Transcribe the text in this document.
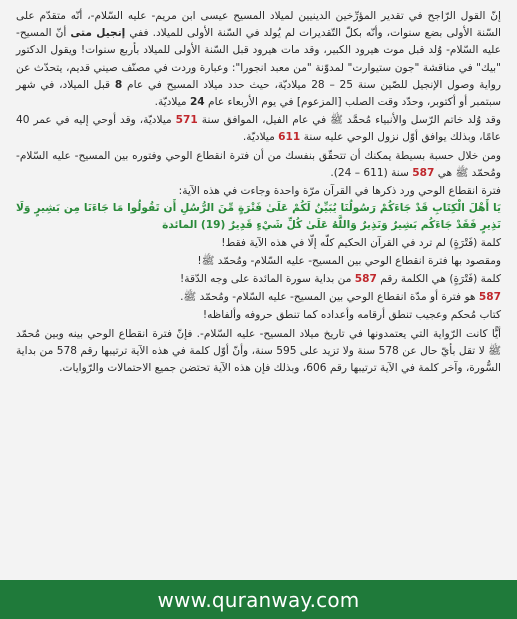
إنّ القول الرّاجح في تقدير المؤرِّخين الدينيين لميلاد المسيح عيسى ابن مريم- عليه السّلام-، أنّه متقدّم على السّنة الأولى بضع سنوات، وأنّه بكلّ التّقديرات لم يُولد في السّنة الأولى للميلاد. ففي إنجيل متى أنّ المسيح- عليه السّلام- وُلد قبل موت هيرود الكبير، وقد مات هيرود قبل السّنة الأولى للميلاد بأربع سنوات! ويقول الدكتور "بيك" في مناقشة "جون ستيوارت" لمدوّنة "من معبد انجورا": وعبارة وردت في مصنّف صيني قديم، يتحدّث عن رواية وصول الإنجيل للصّين سنة 25 – 28 ميلاديّة، حيث حدد ميلاد المسيح في عام 8 قبل الميلاد، في شهر سبتمبر أو أكتوبر، وحدّد وقت الصلب [المزعوم] في يوم الأربعاء عام 24 ميلاديّة.

وقد وُلد خاتم الرّسل والأنبياء مُحمَّد ﷺ في عام الفيل، الموافق سنة 571 ميلاديّة، وقد أوحي إليه في عمر 40 عامًا، وبذلك يوافق أوّل نزول الوحي عليه سنة 611 ميلاديّة.

ومن خلال حسبة بسيطة يمكنك أن تتحقّق بنفسك من أن فترة انقطاع الوحي وفتوره بين المسيح- عليه السّلام- ومُحمّد ﷺ هي 587 سنة (611 – 24).

فترة انقطاع الوحي ورد ذكرها في القرآن مرّة واحدة وجاءت في هذه الآية:

يَا أَهْلَ الْكِتَابِ قَدْ جَاءَكُمْ رَسُولُنَا يُبَيِّنُ لَكُمْ عَلَىٰ فَتْرَةٍ مِّنَ الرُّسُلِ أَن تَقُولُوا مَا جَاءَنَا مِن بَشِيرٍ وَلَا نَذِيرٍ فَقَدْ جَاءَكُم بَشِيرٌ وَنَذِيرٌ وَاللَّهُ عَلَىٰ كُلِّ شَيْءٍ قَدِيرٌ (19) المائدة

كلمة (فَتْرَةٍ) لم ترد في القرآن الحكيم كلّه إلّا في هذه الآية فقط!

ومقصود بها فترة انقطاع الوحي بين المسيح- عليه السّلام- ومُحمّد ﷺ!

كلمة (فَتْرَةٍ) هي الكلمة رقم 587 من بداية سورة المائدة على وجه الدّقة!

587 هو فترة أو مدّة انقطاع الوحي بين المسيح- عليه السّلام- ومُحمّد ﷺ.

كتاب مُحكم وعجيب تنطق أرقامه وأعداده كما تنطق حروفه وألفاظه!

أيًّا كانت الرّواية التي يعتمدونها في تاريخ ميلاد المسيح- عليه السّلام-. فإنّ فترة انقطاع الوحي بينه وبين مُحمّد ﷺ لا تقل بأيّ حال عن 578 سنة ولا تزيد على 595 سنة، وأنّ أوّل كلمة في هذه الآية ترتيبها رقم 578 من بداية السُّورة، وآخر كلمة في الآية ترتيبها رقم 606، وبذلك فإن هذه الآية تحتضن جميع الاحتمالات والرّوايات.

www.quranway.com
